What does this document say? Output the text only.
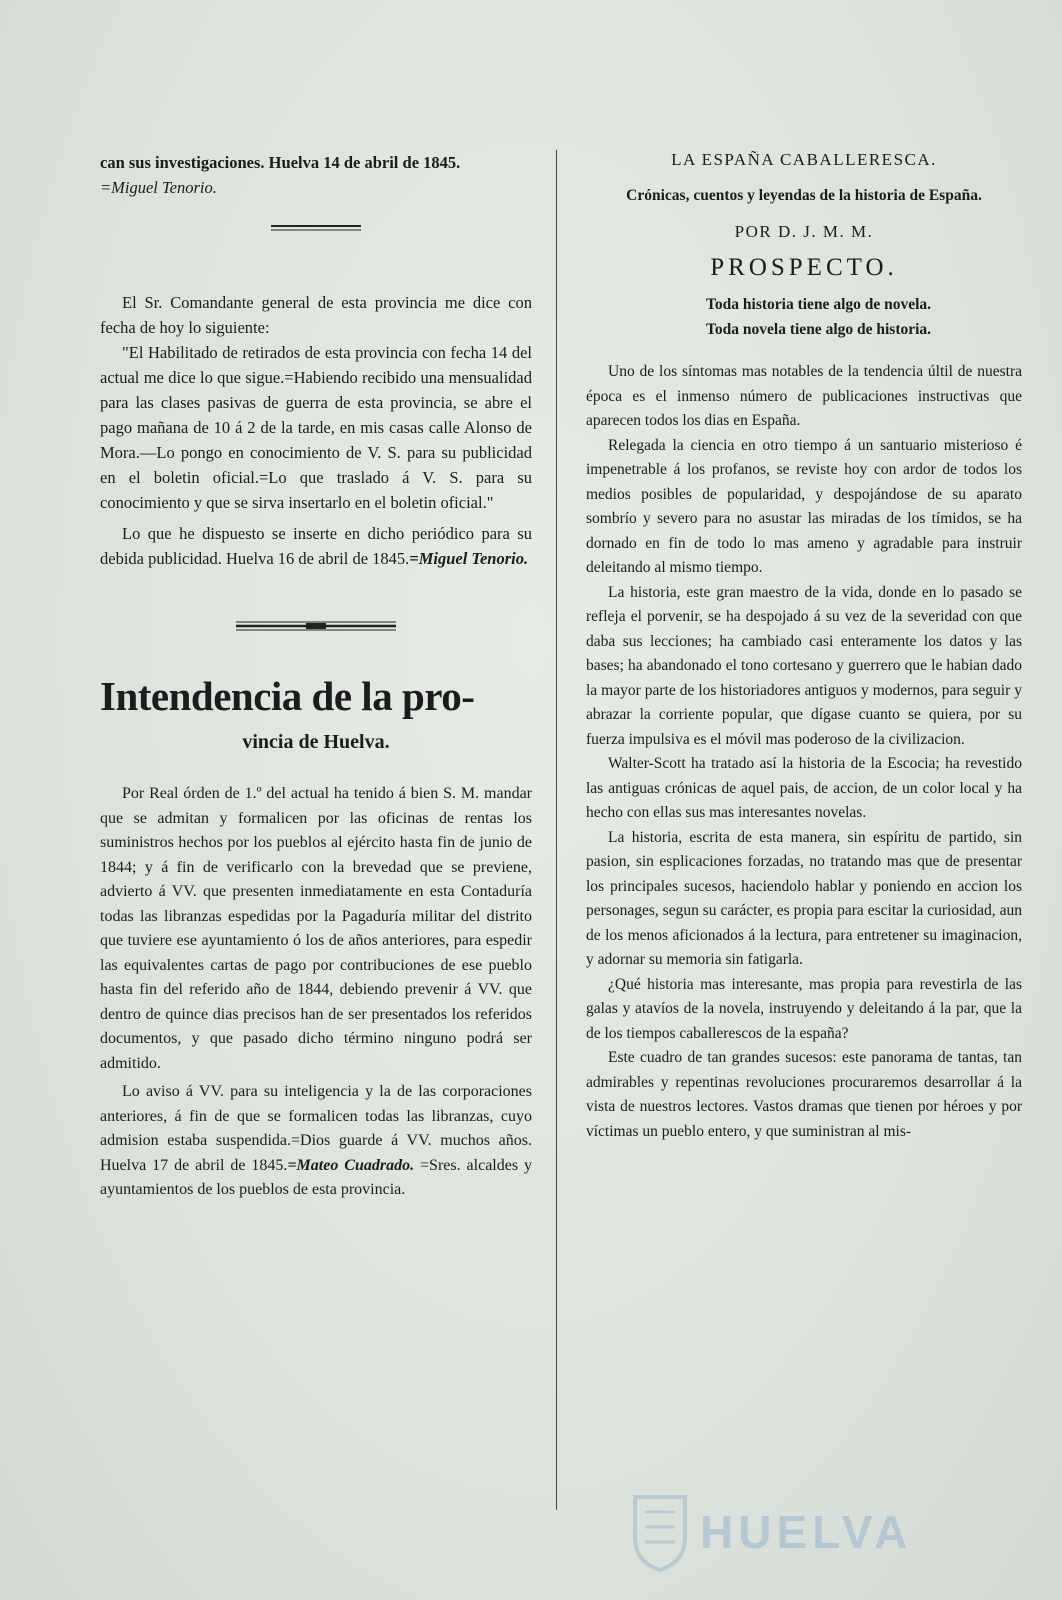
can sus investigaciones. Huelva 14 de abril de 1845.

=Miguel Tenorio.

El Sr. Comandante general de esta provincia me dice con fecha de hoy lo siguiente:

"El Habilitado de retirados de esta provincia con fecha 14 del actual me dice lo que sigue.=Habiendo recibido una mensualidad para las clases pasivas de guerra de esta provincia, se abre el pago mañana de 10 á 2 de la tarde, en mis casas calle Alonso de Mora.—Lo pongo en conocimiento de V. S. para su publicidad en el boletin oficial.=Lo que traslado á V. S. para su conocimiento y que se sirva insertarlo en el boletin oficial."

Lo que he dispuesto se inserte en dicho periódico para su debida publicidad. Huelva 16 de abril de 1845.=Miguel Tenorio.

Intendencia de la pro-
vincia de Huelva.

Por Real órden de 1.º del actual ha tenido á bien S. M. mandar que se admitan y formalicen por las oficinas de rentas los suministros hechos por los pueblos al ejército hasta fin de junio de 1844; y á fin de verificarlo con la brevedad que se previene, advierto á VV. que presenten inmediatamente en esta Contaduría todas las libranzas espedidas por la Pagaduría militar del distrito que tuviere ese ayuntamiento ó los de años anteriores, para espedir las equivalentes cartas de pago por contribuciones de ese pueblo hasta fin del referido año de 1844, debiendo prevenir á VV. que dentro de quince dias precisos han de ser presentados los referidos documentos, y que pasado dicho término ninguno podrá ser admitido.

Lo aviso á VV. para su inteligencia y la de las corporaciones anteriores, á fin de que se formalicen todas las libranzas, cuyo admision estaba suspendida.=Dios guarde á VV. muchos años. Huelva 17 de abril de 1845.=Mateo Cuadrado. =Sres. alcaldes y ayuntamientos de los pueblos de esta provincia.

LA ESPAÑA CABALLERESCA.
Crónicas, cuentos y leyendas de la historia de España.
POR D. J. M. M.
PROSPECTO.
Toda historia tiene algo de novela.
Toda novela tiene algo de historia.

Uno de los síntomas mas notables de la tendencia últil de nuestra época es el inmenso número de publicaciones instructivas que aparecen todos los dias en España.

Relegada la ciencia en otro tiempo á un santuario misterioso é impenetrable á los profanos, se reviste hoy con ardor de todos los medios posibles de popularidad, y despojándose de su aparato sombrío y severo para no asustar las miradas de los tímidos, se ha dornado en fin de todo lo mas ameno y agradable para instruir deleitando al mismo tiempo.

La historia, este gran maestro de la vida, donde en lo pasado se refleja el porvenir, se ha despojado á su vez de la severidad con que daba sus lecciones; ha cambiado casi enteramente los datos y las bases; ha abandonado el tono cortesano y guerrero que le habian dado la mayor parte de los historiadores antiguos y modernos, para seguir y abrazar la corriente popular, que dígase cuanto se quiera, por su fuerza impulsiva es el móvil mas poderoso de la civilizacion.

Walter-Scott ha tratado así la historia de la Escocia; ha revestido las antiguas crónicas de aquel pais, de accion, de un color local y ha hecho con ellas sus mas interesantes novelas.

La historia, escrita de esta manera, sin espíritu de partido, sin pasion, sin esplicaciones forzadas, no tratando mas que de presentar los principales sucesos, haciendolo hablar y poniendo en accion los personages, segun su carácter, es propia para escitar la curiosidad, aun de los menos aficionados á la lectura, para entretener su imaginacion, y adornar su memoria sin fatigarla.

¿Qué historia mas interesante, mas propia para revestirla de las galas y atavíos de la novela, instruyendo y deleitando á la par, que la de los tiempos caballerescos de la españa?

Este cuadro de tan grandes sucesos: este panorama de tantas, tan admirables y repentinas revoluciones procuraremos desarrollar á la vista de nuestros lectores. Vastos dramas que tienen por héroes y por víctimas un pueblo entero, y que suministran al mis-

HUELVA
